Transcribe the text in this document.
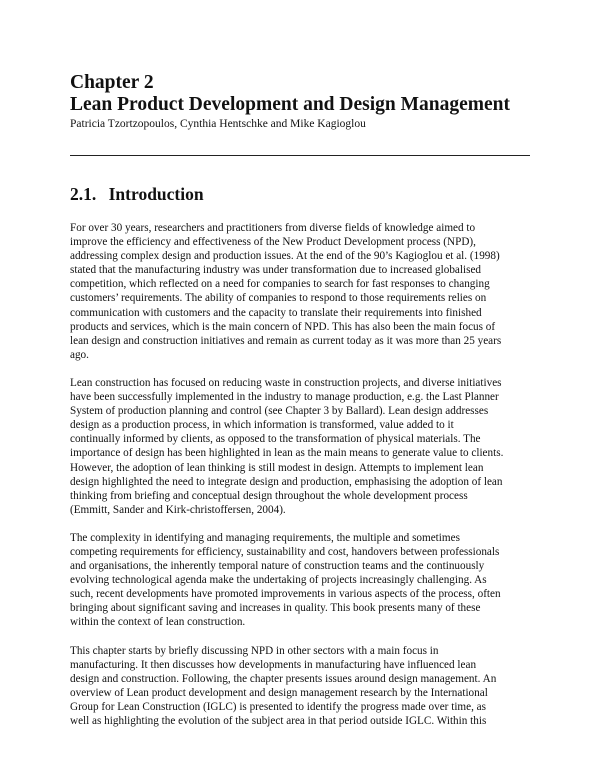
Chapter 2
Lean Product Development and Design Management
Patricia Tzortzopoulos, Cynthia Hentschke and Mike Kagioglou
2.1. Introduction

For over 30 years, researchers and practitioners from diverse fields of knowledge aimed to
improve the efficiency and effectiveness of the New Product Development process (NPD),
addressing complex design and production issues. At the end of the 90’s Kagioglou et al. (1998)
stated that the manufacturing industry was under transformation due to increased globalised
competition, which reflected on a need for companies to search for fast responses to changing
customers’ requirements. The ability of companies to respond to those requirements relies on
communication with customers and the capacity to translate their requirements into finished
products and services, which is the main concern of NPD. This has also been the main focus of
lean design and construction initiatives and remain as current today as it was more than 25 years
ago.

Lean construction has focused on reducing waste in construction projects, and diverse initiatives
have been successfully implemented in the industry to manage production, e.g. the Last Planner
System of production planning and control (see Chapter 3 by Ballard). Lean design addresses
design as a production process, in which information is transformed, value added to it
continually informed by clients, as opposed to the transformation of physical materials. The
importance of design has been highlighted in lean as the main means to generate value to clients.
However, the adoption of lean thinking is still modest in design. Attempts to implement lean
design highlighted the need to integrate design and production, emphasising the adoption of lean
thinking from briefing and conceptual design throughout the whole development process
(Emmitt, Sander and Kirk-christoffersen, 2004).

The complexity in identifying and managing requirements, the multiple and sometimes
competing requirements for efficiency, sustainability and cost, handovers between professionals
and organisations, the inherently temporal nature of construction teams and the continuously
evolving technological agenda make the undertaking of projects increasingly challenging. As
such, recent developments have promoted improvements in various aspects of the process, often
bringing about significant saving and increases in quality. This book presents many of these
within the context of lean construction.

This chapter starts by briefly discussing NPD in other sectors with a main focus in
manufacturing. It then discusses how developments in manufacturing have influenced lean
design and construction. Following, the chapter presents issues around design management. An
overview of Lean product development and design management research by the International
Group for Lean Construction (IGLC) is presented to identify the progress made over time, as
well as highlighting the evolution of the subject area in that period outside IGLC. Within this
